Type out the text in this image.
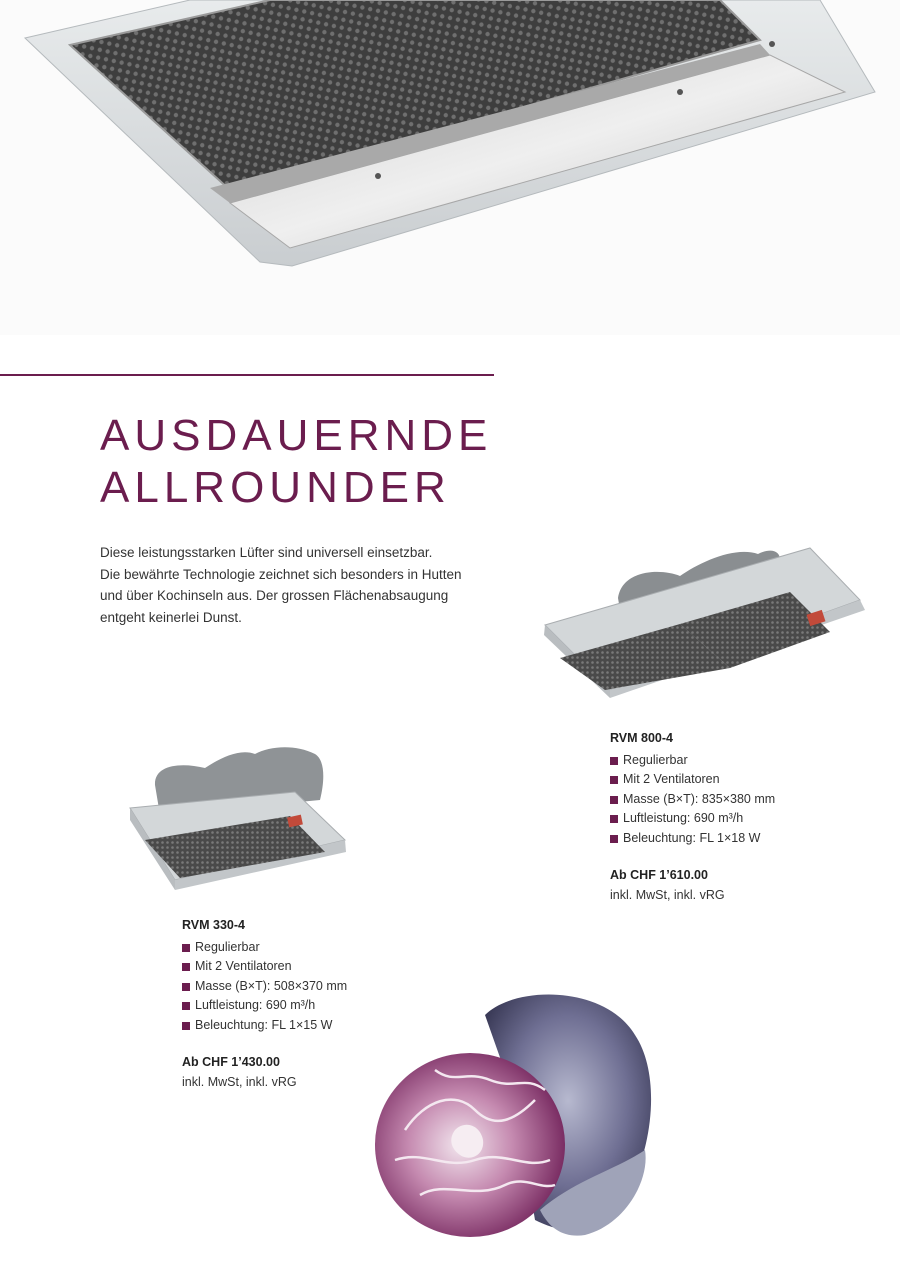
AUSDAUERNDE
ALLROUNDER

Diese leistungsstarken Lüfter sind universell einsetzbar.
Die bewährte Technologie zeichnet sich besonders in Hutten
und über Kochinseln aus. Der grossen Flächenabsaugung
entgeht keinerlei Dunst.

RVM 800-4
Regulierbar
Mit 2 Ventilatoren
Masse (B×T): 835×380 mm
Luftleistung: 690 m³/h
Beleuchtung: FL 1×18 W
Ab CHF 1’610.00
inkl. MwSt, inkl. vRG
RVM 330-4
Regulierbar
Mit 2 Ventilatoren
Masse (B×T): 508×370 mm
Luftleistung: 690 m³/h
Beleuchtung: FL 1×15 W
Ab CHF 1’430.00
inkl. MwSt, inkl. vRG
